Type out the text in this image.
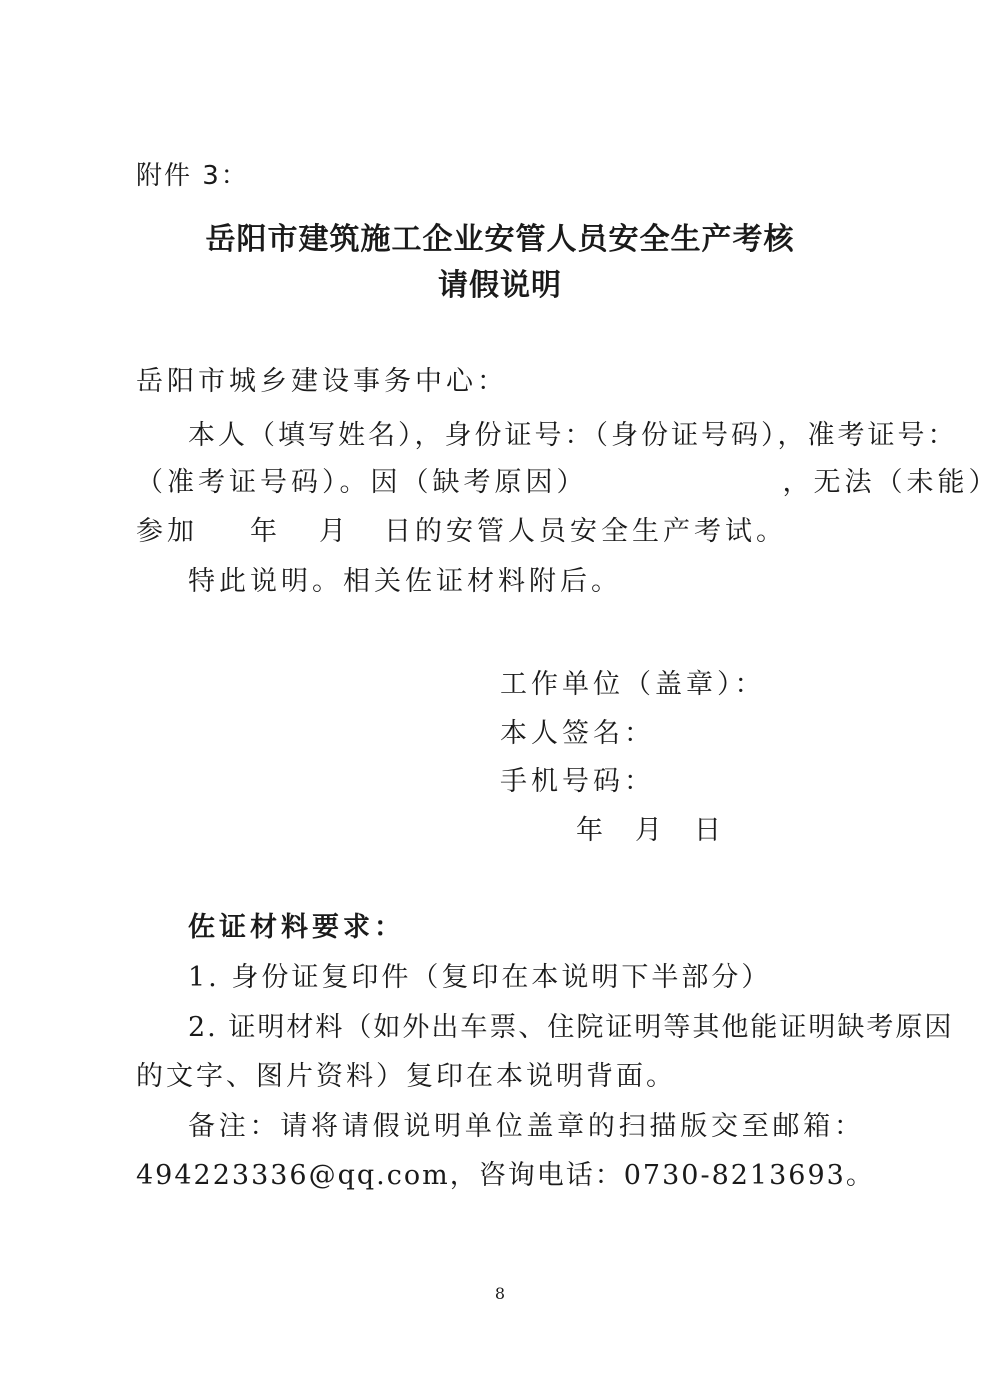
附件 3：
岳阳市建筑施工企业安管人员安全生产考核
请假说明
岳阳市城乡建设事务中心：
本人（填写姓名），身份证号：（身份证号码），准考证号：
（准考证号码）。因（缺考原因）	，无法（未能）
参加 年 月 日的安管人员安全生产考试。
特此说明。相关佐证材料附后。
工作单位（盖章）：
本人签名：
手机号码：
年 月 日
佐证材料要求：
1. 身份证复印件（复印在本说明下半部分）
2. 证明材料（如外出车票、住院证明等其他能证明缺考原因
的文字、图片资料）复印在本说明背面。
备注：请将请假说明单位盖章的扫描版交至邮箱：
494223336@qq.com，咨询电话：0730-8213693。
8
